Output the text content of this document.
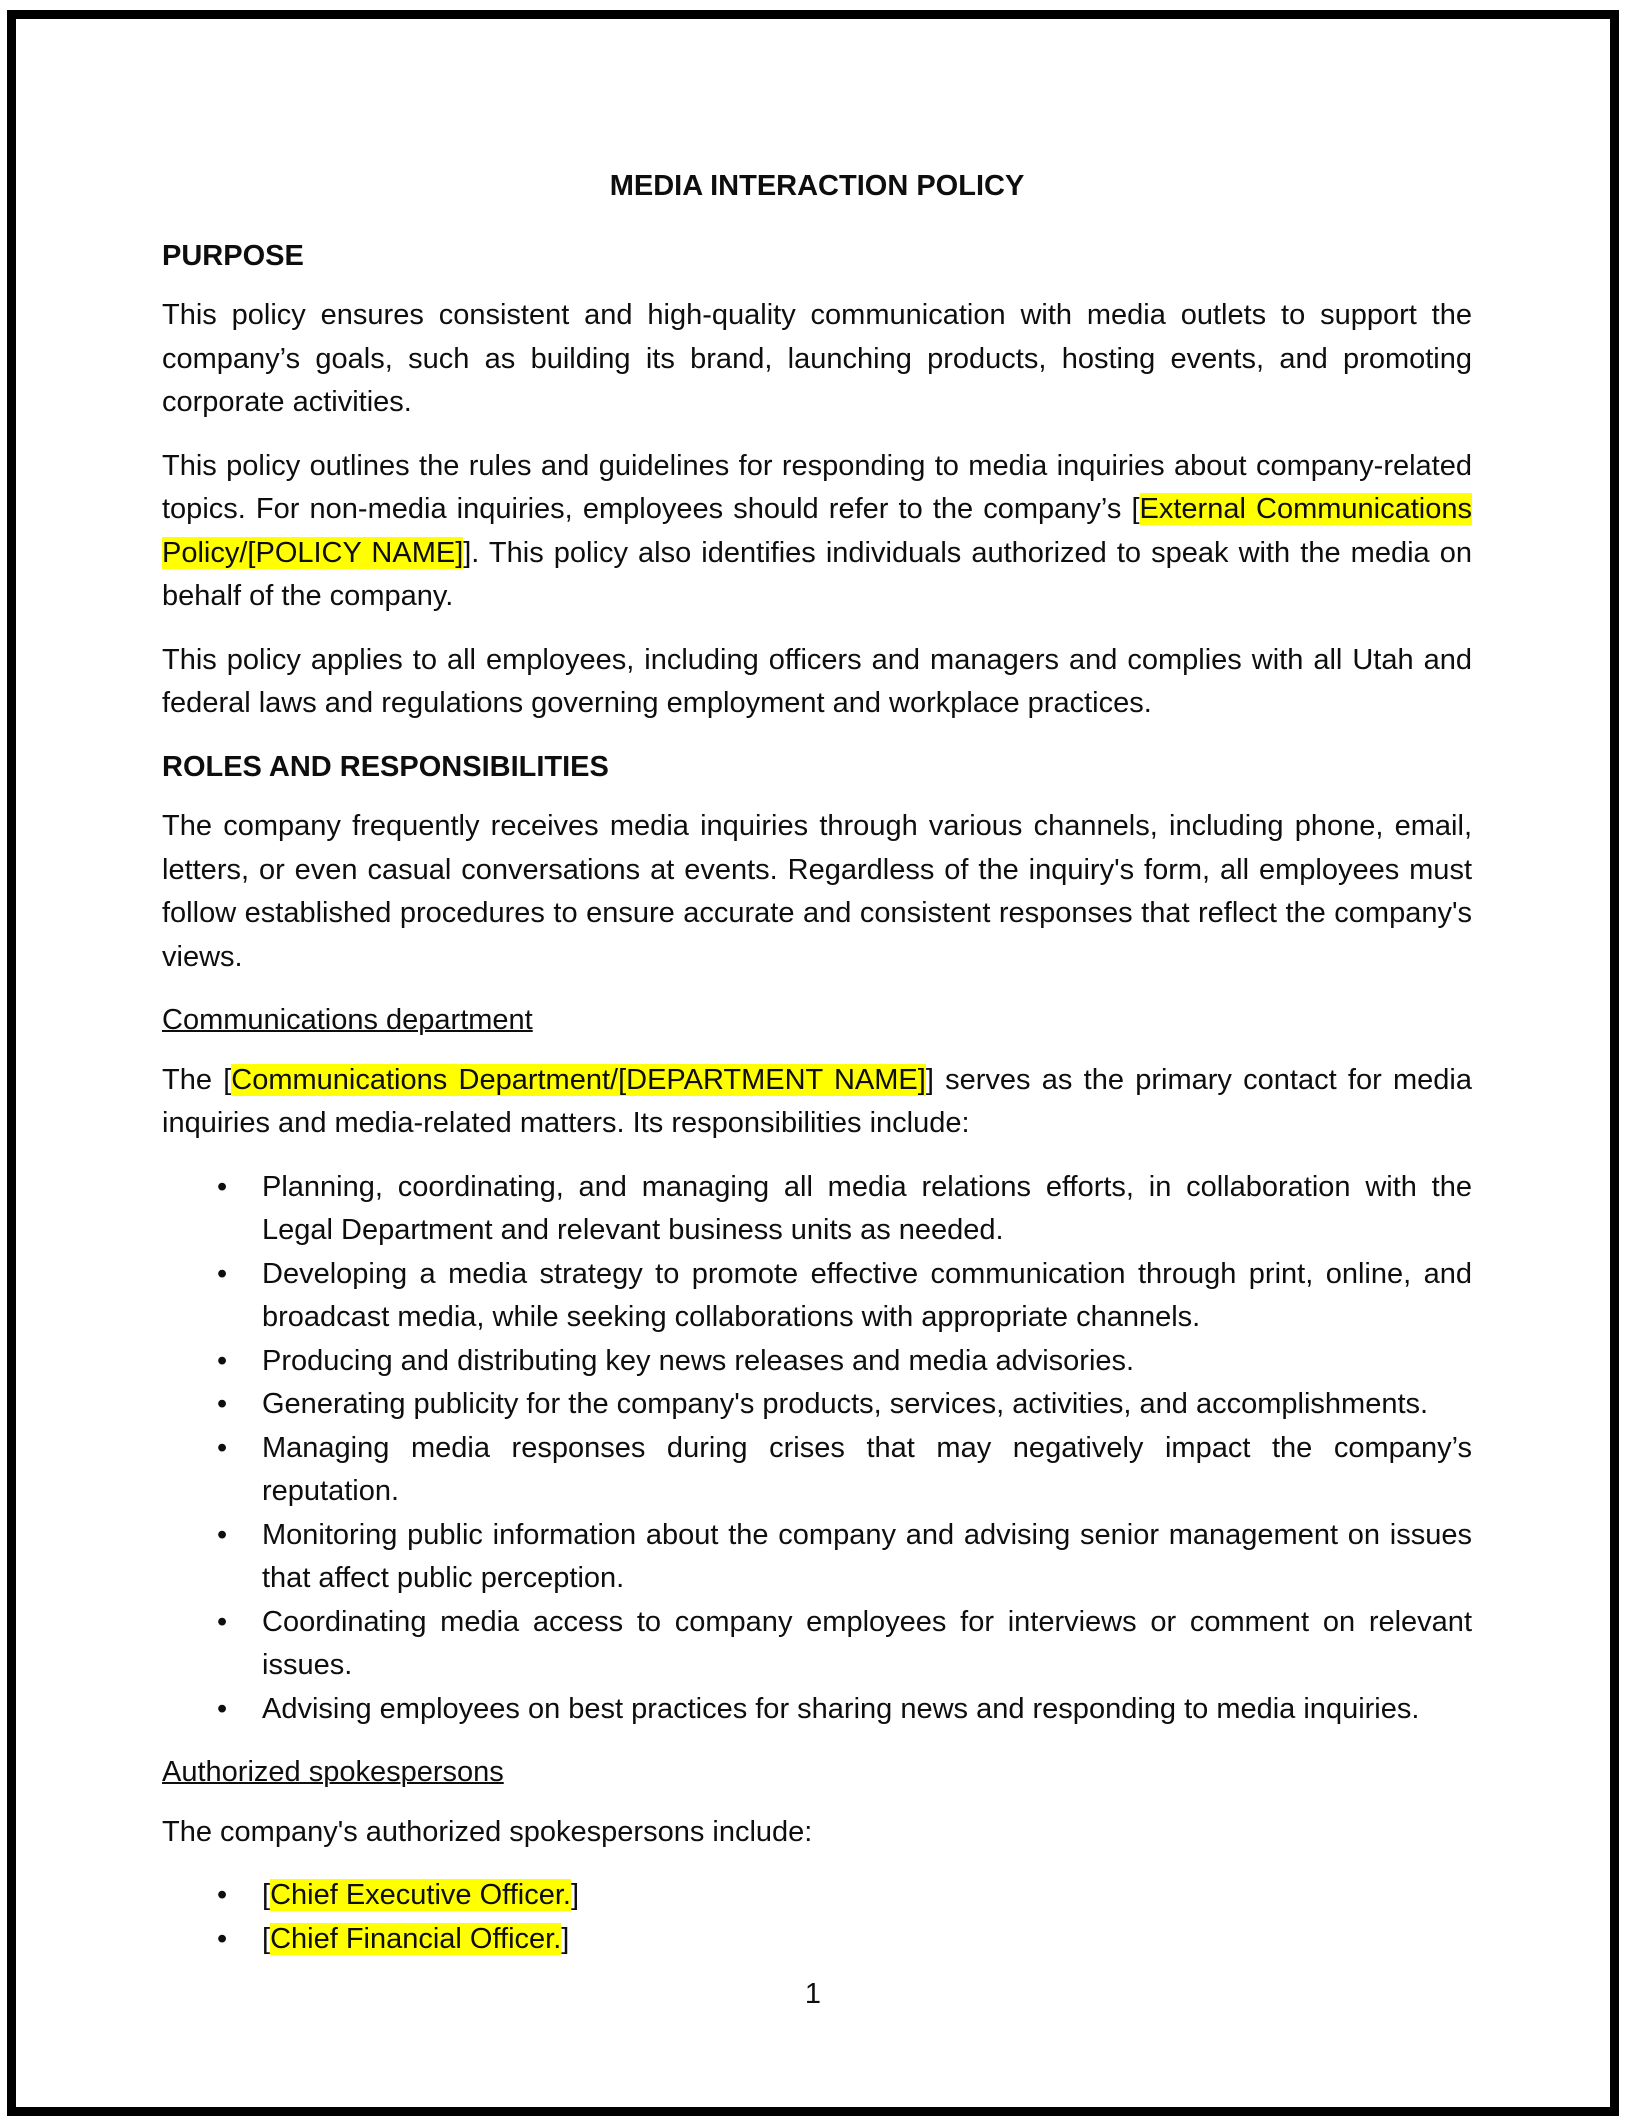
MEDIA INTERACTION POLICY
PURPOSE
This policy ensures consistent and high-quality communication with media outlets to support the company’s goals, such as building its brand, launching products, hosting events, and promoting corporate activities.
This policy outlines the rules and guidelines for responding to media inquiries about company-related topics. For non-media inquiries, employees should refer to the company’s [External Communications Policy/[POLICY NAME]]. This policy also identifies individuals authorized to speak with the media on behalf of the company.
This policy applies to all employees, including officers and managers and complies with all Utah and federal laws and regulations governing employment and workplace practices.
ROLES AND RESPONSIBILITIES
The company frequently receives media inquiries through various channels, including phone, email, letters, or even casual conversations at events. Regardless of the inquiry's form, all employees must follow established procedures to ensure accurate and consistent responses that reflect the company's views.
Communications department
The [Communications Department/[DEPARTMENT NAME]] serves as the primary contact for media inquiries and media-related matters. Its responsibilities include:
• Planning, coordinating, and managing all media relations efforts, in collaboration with the Legal Department and relevant business units as needed.
• Developing a media strategy to promote effective communication through print, online, and broadcast media, while seeking collaborations with appropriate channels.
• Producing and distributing key news releases and media advisories.
• Generating publicity for the company's products, services, activities, and accomplishments.
• Managing media responses during crises that may negatively impact the company’s reputation.
• Monitoring public information about the company and advising senior management on issues that affect public perception.
• Coordinating media access to company employees for interviews or comment on relevant issues.
• Advising employees on best practices for sharing news and responding to media inquiries.
Authorized spokespersons
The company's authorized spokespersons include:
• [Chief Executive Officer.]
• [Chief Financial Officer.]
1
